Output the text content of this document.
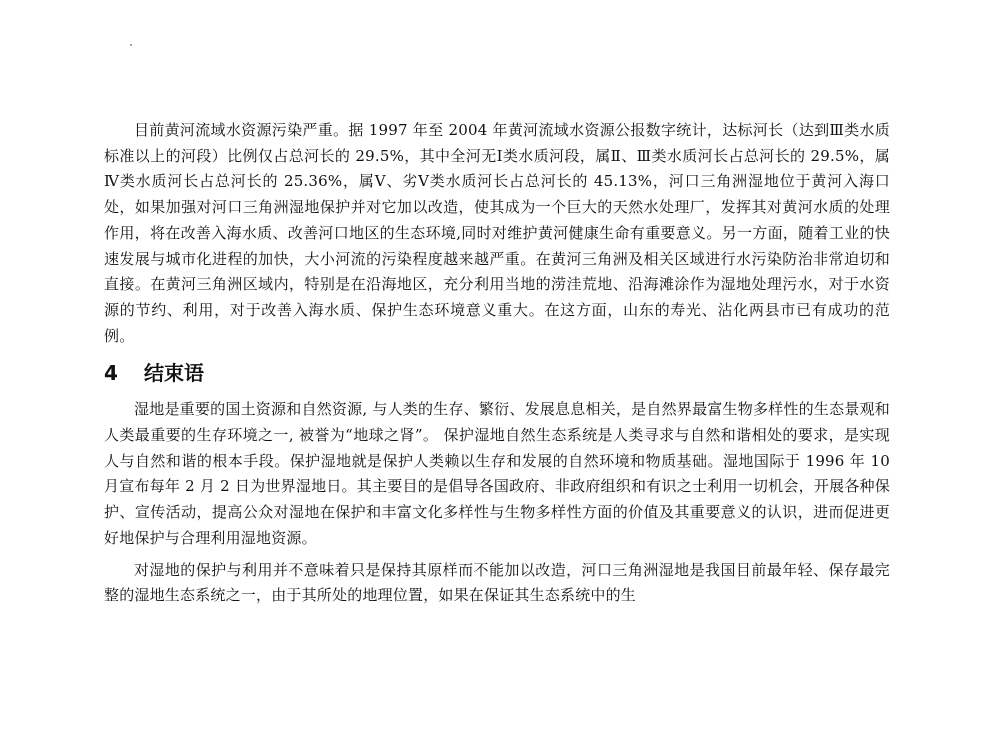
目前黄河流域水资源污染严重。据 1997 年至 2004 年黄河流域水资源公报数字统计，达标河长（达到Ⅲ类水质标准以上的河段）比例仅占总河长的 29.5%，其中全河无Ⅰ类水质河段，属Ⅱ、Ⅲ类水质河长占总河长的 29.5%，属Ⅳ类水质河长占总河长的 25.36%，属Ⅴ、劣Ⅴ类水质河长占总河长的 45.13%，河口三角洲湿地位于黄河入海口处，如果加强对河口三角洲湿地保护并对它加以改造，使其成为一个巨大的天然水处理厂，发挥其对黄河水质的处理作用，将在改善入海水质、改善河口地区的生态环境,同时对维护黄河健康生命有重要意义。另一方面，随着工业的快速发展与城市化进程的加快，大小河流的污染程度越来越严重。在黄河三角洲及相关区域进行水污染防治非常迫切和直接。在黄河三角洲区域内，特别是在沿海地区，充分利用当地的涝洼荒地、沿海滩涂作为湿地处理污水，对于水资源的节约、利用，对于改善入海水质、保护生态环境意义重大。在这方面，山东的寿光、沾化两县市已有成功的范例。

4	结束语

湿地是重要的国土资源和自然资源, 与人类的生存、繁衍、发展息息相关，是自然界最富生物多样性的生态景观和人类最重要的生存环境之一, 被誉为“地球之肾”。 保护湿地自然生态系统是人类寻求与自然和谐相处的要求，是实现人与自然和谐的根本手段。保护湿地就是保护人类赖以生存和发展的自然环境和物质基础。湿地国际于 1996 年 10 月宣布每年 2 月 2 日为世界湿地日。其主要目的是倡导各国政府、非政府组织和有识之士利用一切机会，开展各种保护、宣传活动，提高公众对湿地在保护和丰富文化多样性与生物多样性方面的价值及其重要意义的认识，进而促进更好地保护与合理利用湿地资源。

对湿地的保护与利用并不意味着只是保持其原样而不能加以改造，河口三角洲湿地是我国目前最年轻、保存最完整的湿地生态系统之一，由于其所处的地理位置，如果在保证其生态系统中的生
